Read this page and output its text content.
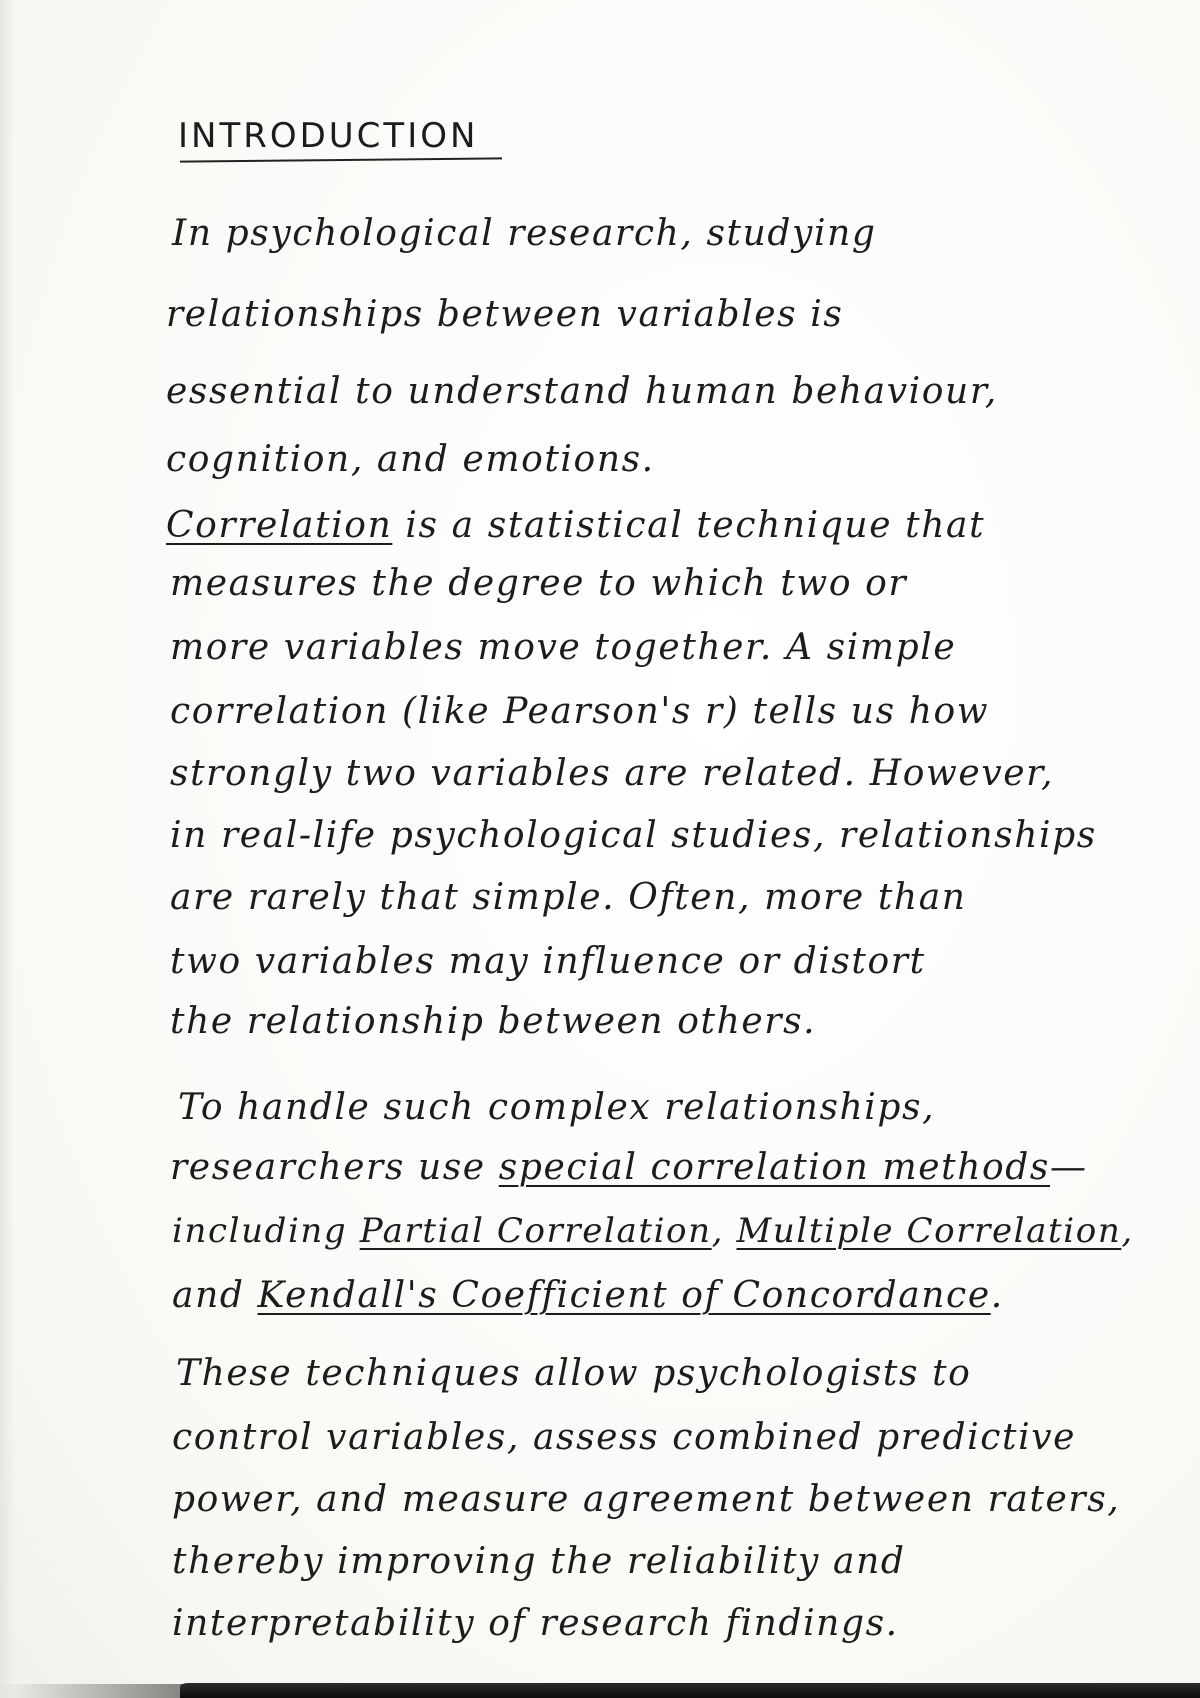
INTRODUCTION

In psychological research, studying

relationships between variables is

essential to understand human behaviour,

cognition, and emotions.

Correlation is a statistical technique that

measures the degree to which two or

more variables move together. A simple

correlation (like Pearson's r) tells us how

strongly two variables are related. However,

in real-life psychological studies, relationships

are rarely that simple. Often, more than

two variables may influence or distort

the relationship between others.

To handle such complex relationships,

researchers use special correlation methods—

including Partial Correlation, Multiple Correlation,

and Kendall's Coefficient of Concordance.

These techniques allow psychologists to

control variables, assess combined predictive

power, and measure agreement between raters,

thereby improving the reliability and

interpretability of research findings.
